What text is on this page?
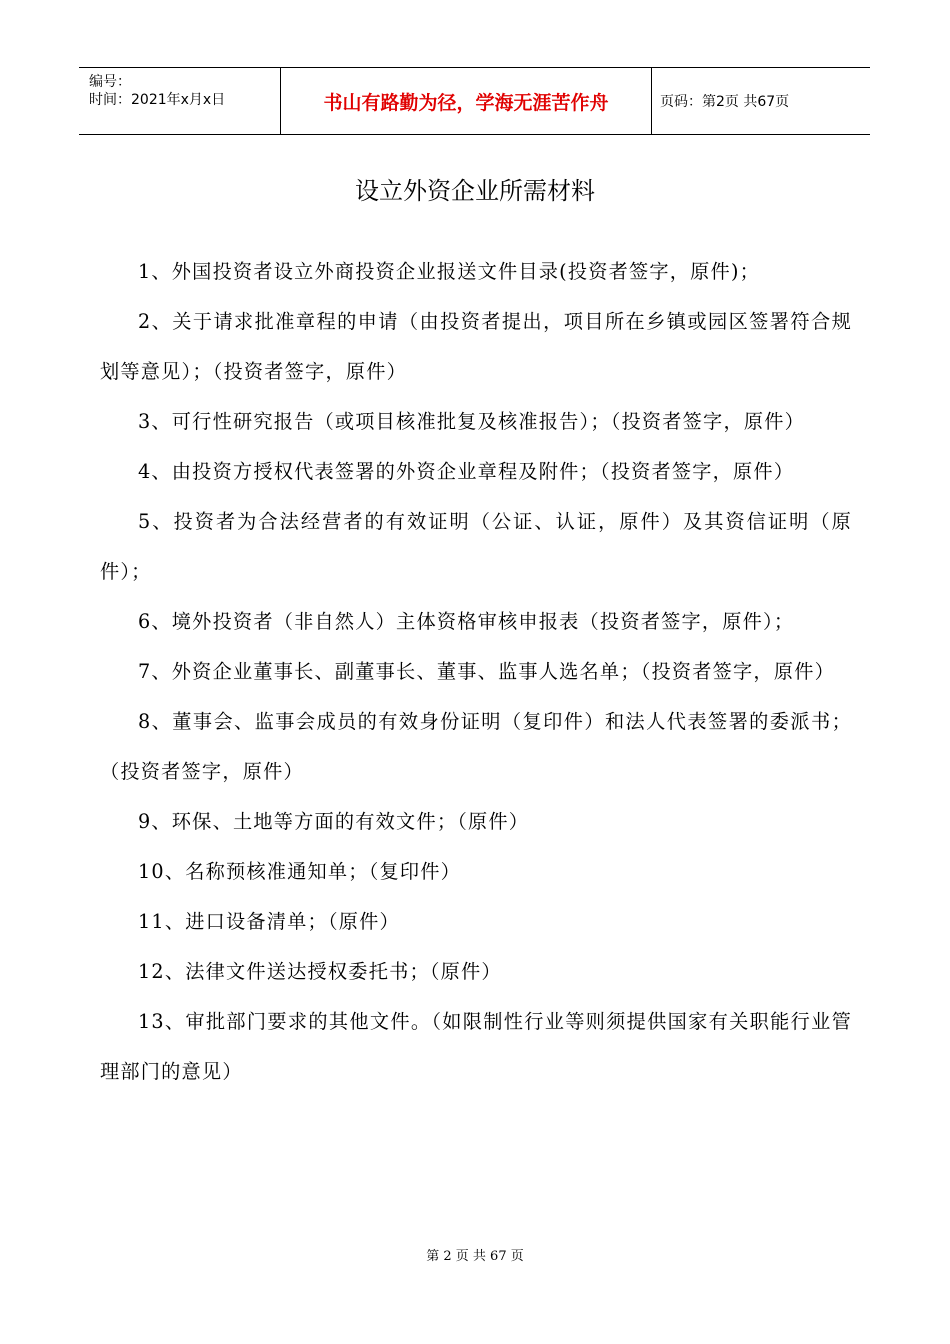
编号：
时间：2021年x月x日	书山有路勤为径，学海无涯苦作舟	页码：第2页 共67页
设立外资企业所需材料

1、外国投资者设立外商投资企业报送文件目录(投资者签字，原件)；

2、关于请求批准章程的申请（由投资者提出，项目所在乡镇或园区签署符合规划等意见）；（投资者签字，原件）

3、可行性研究报告（或项目核准批复及核准报告）；（投资者签字，原件）

4、由投资方授权代表签署的外资企业章程及附件；（投资者签字，原件）

5、投资者为合法经营者的有效证明（公证、认证，原件）及其资信证明（原件）；

6、境外投资者（非自然人）主体资格审核申报表（投资者签字，原件）；

7、外资企业董事长、副董事长、董事、监事人选名单；（投资者签字，原件）

8、董事会、监事会成员的有效身份证明（复印件）和法人代表签署的委派书；（投资者签字，原件）

9、环保、土地等方面的有效文件；（原件）

10、名称预核准通知单；（复印件）

11、进口设备清单；（原件）

12、法律文件送达授权委托书；（原件）

13、审批部门要求的其他文件。（如限制性行业等则须提供国家有关职能行业管理部门的意见）

第 2 页 共 67 页
